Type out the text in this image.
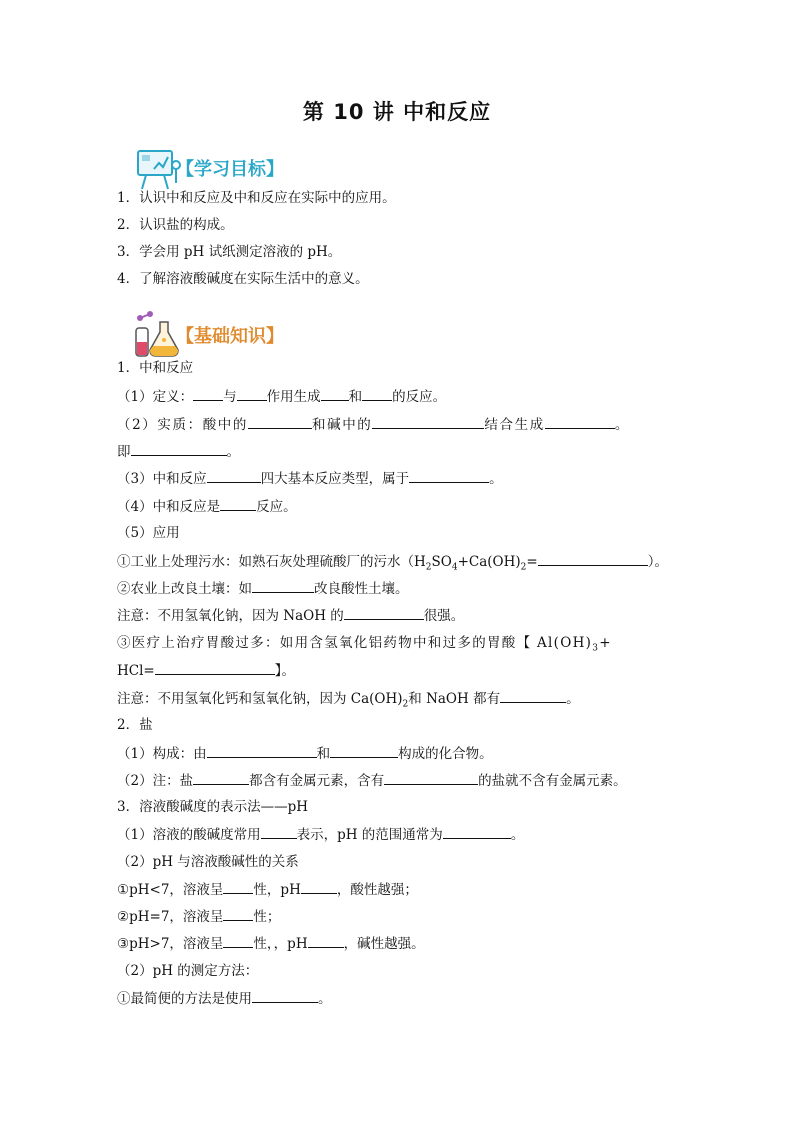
第 10 讲 中和反应
【学习目标】
1．认识中和反应及中和反应在实际中的应用。
2．认识盐的构成。
3．学会用 pH 试纸测定溶液的 pH。
4．了解溶液酸碱度在实际生活中的意义。
【基础知识】
1．中和反应
（1）定义： 与 作用生成 和 的反应。
（2）实质：酸中的	和碱中的	结合生成	。
即	。
（3）中和反应	四大基本反应类型，属于	。
（4）中和反应是	反应。
（5）应用
①工业上处理污水：如熟石灰处理硫酸厂的污水（$H_2SO_4+Ca(OH)_2=$	）。
②农业上改良土壤：如	改良酸性土壤。
注意：不用氢氧化钠，因为 NaOH 的	很强。
③医疗上治疗胃酸过多：如用含氢氧化铝药物中和过多的胃酸【 $Al(OH)_3+$
HCl=	】。
注意：不用氢氧化钙和氢氧化钠，因为 $Ca(OH)_2$和 NaOH 都有	。
2．盐
（1）构成：由	和	构成的化合物。
（2）注：盐	都含有金属元素，含有	的盐就不含有金属元素。
3．溶液酸碱度的表示法——pH
（1）溶液的酸碱度常用	表示，pH 的范围通常为	。
（2）pH 与溶液酸碱性的关系
①pH<7，溶液呈 性，pH	，酸性越强；
②pH=7，溶液呈 性；
③pH>7，溶液呈 性，，pH	，碱性越强。
（2）pH 的测定方法：
①最简便的方法是使用	。
